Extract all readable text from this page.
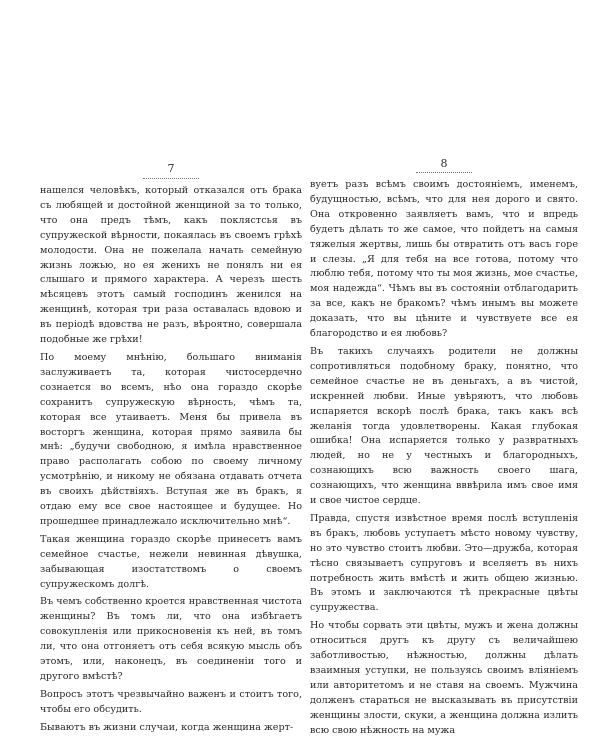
7

нашелся человѣкъ, который отказался отъ брака съ любящей и достойной женщиной за то только, что она предъ тѣмъ, какъ поклястсья въ супружеской вѣрности, покаялась въ своемъ грѣхѣ молодости. Она не пожелала начать семейную жизнь ложью, но ея женихъ не понялъ ни ея слышаго и прямого характера. А черезъ шесть мѣсяцевъ этотъ самый господинъ женился на женщинѣ, которая три раза оставалась вдовою и въ періодѣ вдовства не разъ, вѣроятно, совершала подобные же грѣхи!

По моему мнѣнію, большаго вниманія заслуживаетъ та, которая чистосердечно сознается во всемъ, нѣо она гораздо скорѣе сохранитъ супружескую вѣрность, чѣмъ та, которая все утаиваетъ. Меня бы привела въ восторгъ женщина, которая прямо заявила бы мнѣ: „будучи свободною, я имѣла нравственное право располагать собою по своему личному усмотрѣнію, и никому не обязана отдавать отчета въ своихъ дѣйствіяхъ. Вступая же въ бракъ, я отдаю ему все свое настоящее и будущее. Но прошедшее принадлежало исключительно мнѣ“.

Такая женщина гораздо скорѣе принесетъ вамъ семейное счастье, нежели невинная дѣвушка, забывающая изостатствомъ о своемъ супружескомъ долгѣ.

Въ чемъ собственно кроется нравственная чистота женщины? Въ томъ ли, что она избѣгаетъ совокупленія или прикосновенія къ ней, въ томъ ли, что она отгоняетъ отъ себя всякую мысль объ этомъ, или, наконецъ, въ соединеніи того и другого вмѣстѣ?

Вопросъ этотъ чрезвычайно важенъ и стоитъ того, чтобы его обсудить.

Бываютъ въ жизни случаи, когда женщина жерт-

8

вуетъ разъ всѣмъ своимъ достояніемъ, именемъ, будущностью, всѣмъ, что для нея дорого и свято. Она откровенно заявляетъ вамъ, что и впредь будетъ дѣлать то же самое, что пойдетъ на самыя тяжелыя жертвы, лишь бы отвратить отъ васъ горе и слезы. „Я для тебя на все готова, потому что люблю тебя, потому что ты моя жизнь, мое счастье, моя надежда“. Чѣмъ вы въ состояніи отблагодарить за все, какъ не бракомъ? чѣмъ инымъ вы можете доказать, что вы цѣните и чувствуете все ея благородство и ея любовь?

Въ такихъ случаяхъ родители не должны сопротивляться подобному браку, понятно, что семейное счастье не въ деньгахъ, а въ чистой, искренней любви. Иные увѣряютъ, что любовь испаряется вскорѣ послѣ брака, такъ какъ всѣ желанія тогда удовлетворены. Какая глубокая ошибка! Она испаряется только у развратныхъ людей, но не у честныхъ и благородныхъ, сознающихъ всю важность своего шага, сознающихъ, что женщина вввѣрила имъ свое имя и свое чистое сердце.

Правда, спустя извѣстное время послѣ вступленія въ бракъ, любовь уступаетъ мѣсто новому чувству, но это чувство стоитъ любви. Это—дружба, которая тѣсно связываетъ супруговъ и вселяетъ въ нихъ потребность жить вмѣстѣ и жить общею жизнью. Въ этомъ и заключаются тѣ прекрасные цвѣты супружества.

Но чтобы сорвать эти цвѣты, мужъ и жена должны относиться другъ къ другу съ величайшею заботливостью, нѣжностью, должны дѣлать взаимныя уступки, не пользуясь своимъ вліяніемъ или авторитетомъ и не ставя на своемъ. Мужчина долженъ стараться не высказывать въ присутствіи женщины злости, скуки, а женщина должна излить всю свою нѣжность на мужа
